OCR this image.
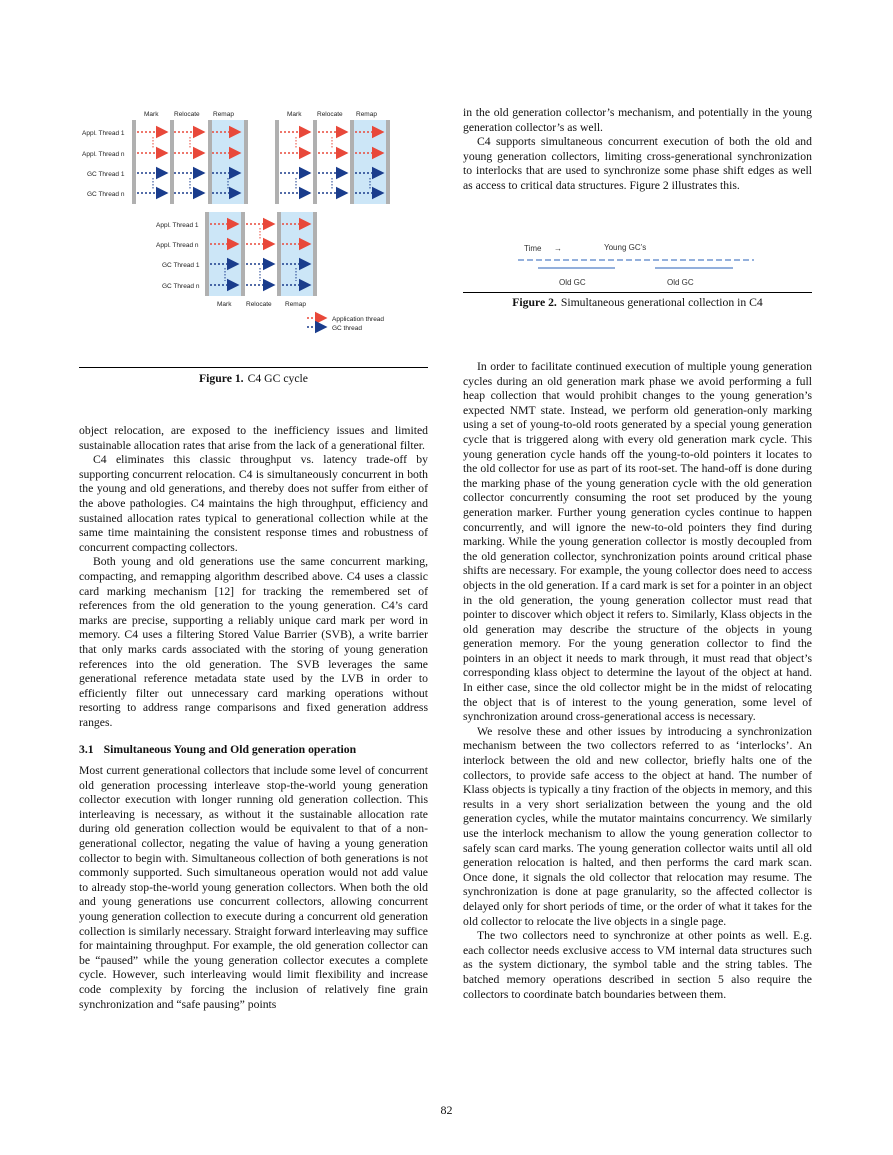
Mark Relocate Remap	Mark Relocate Remap
Appl. Thread 1
Appl. Thread n
GC Thread 1
GC Thread n
Appl. Thread 1
Appl. Thread n
GC Thread 1
GC Thread n
Mark Relocate Remap
Application thread
GC thread
Figure 1. C4 GC cycle
Time →	Young GC’s
Old GC	Old GC
Figure 2. Simultaneous generational collection in C4

object relocation, are exposed to the inefficiency issues and limited sustainable allocation rates that arise from the lack of a generational filter.

C4 eliminates this classic throughput vs. latency trade-off by supporting concurrent relocation. C4 is simultaneously concurrent in both the young and old generations, and thereby does not suffer from either of the above pathologies. C4 maintains the high throughput, efficiency and sustained allocation rates typical to generational collection while at the same time maintaining the consistent response times and robustness of concurrent compacting collectors.

Both young and old generations use the same concurrent marking, compacting, and remapping algorithm described above. C4 uses a classic card marking mechanism [12] for tracking the remembered set of references from the old generation to the young generation. C4’s card marks are precise, supporting a reliably unique card mark per word in memory. C4 uses a filtering Stored Value Barrier (SVB), a write barrier that only marks cards associated with the storing of young generation references into the old generation. The SVB leverages the same generational reference metadata state used by the LVB in order to efficiently filter out unnecessary card marking operations without resorting to address range comparisons and fixed generation address ranges.

3.1 Simultaneous Young and Old generation operation

Most current generational collectors that include some level of concurrent old generation processing interleave stop-the-world young generation collector execution with longer running old generation collection. This interleaving is necessary, as without it the sustainable allocation rate during old generation collection would be equivalent to that of a non-generational collector, negating the value of having a young generation collector to begin with. Simultaneous collection of both generations is not commonly supported. Such simultaneous operation would not add value to already stop-the-world young generation collectors. When both the old and young generations use concurrent collectors, allowing concurrent young generation collection to execute during a concurrent old generation collection is similarly necessary. Straight forward interleaving may suffice for maintaining throughput. For example, the old generation collector can be “paused” while the young generation collector executes a complete cycle. However, such interleaving would limit flexibility and increase code complexity by forcing the inclusion of relatively fine grain synchronization and “safe pausing” points

in the old generation collector’s mechanism, and potentially in the young generation collector’s as well.

C4 supports simultaneous concurrent execution of both the old and young generation collectors, limiting cross-generational synchronization to interlocks that are used to synchronize some phase shift edges as well as access to critical data structures. Figure 2 illustrates this.

In order to facilitate continued execution of multiple young generation cycles during an old generation mark phase we avoid performing a full heap collection that would prohibit changes to the young generation’s expected NMT state. Instead, we perform old generation-only marking using a set of young-to-old roots generated by a special young generation cycle that is triggered along with every old generation mark cycle. This young generation cycle hands off the young-to-old pointers it locates to the old collector for use as part of its root-set. The hand-off is done during the marking phase of the young generation cycle with the old generation collector concurrently consuming the root set produced by the young generation marker. Further young generation cycles continue to happen concurrently, and will ignore the new-to-old pointers they find during marking. While the young generation collector is mostly decoupled from the old generation collector, synchronization points around critical phase shifts are necessary. For example, the young collector does need to access objects in the old generation. If a card mark is set for a pointer in an object in the old generation, the young generation collector must read that pointer to discover which object it refers to. Similarly, Klass objects in the old generation may describe the structure of the objects in young generation memory. For the young generation collector to find the pointers in an object it needs to mark through, it must read that object’s corresponding klass object to determine the layout of the object at hand. In either case, since the old collector might be in the midst of relocating the object that is of interest to the young generation, some level of synchronization around cross-generational access is necessary.

We resolve these and other issues by introducing a synchronization mechanism between the two collectors referred to as ‘interlocks’. An interlock between the old and new collector, briefly halts one of the collectors, to provide safe access to the object at hand. The number of Klass objects is typically a tiny fraction of the objects in memory, and this results in a very short serialization between the young and the old generation cycles, while the mutator maintains concurrency. We similarly use the interlock mechanism to allow the young generation collector to safely scan card marks. The young generation collector waits until all old generation relocation is halted, and then performs the card mark scan. Once done, it signals the old collector that relocation may resume. The synchronization is done at page granularity, so the affected collector is delayed only for short periods of time, or the order of what it takes for the old collector to relocate the live objects in a single page.

The two collectors need to synchronize at other points as well. E.g. each collector needs exclusive access to VM internal data structures such as the system dictionary, the symbol table and the string tables. The batched memory operations described in section 5 also require the collectors to coordinate batch boundaries between them.

82
